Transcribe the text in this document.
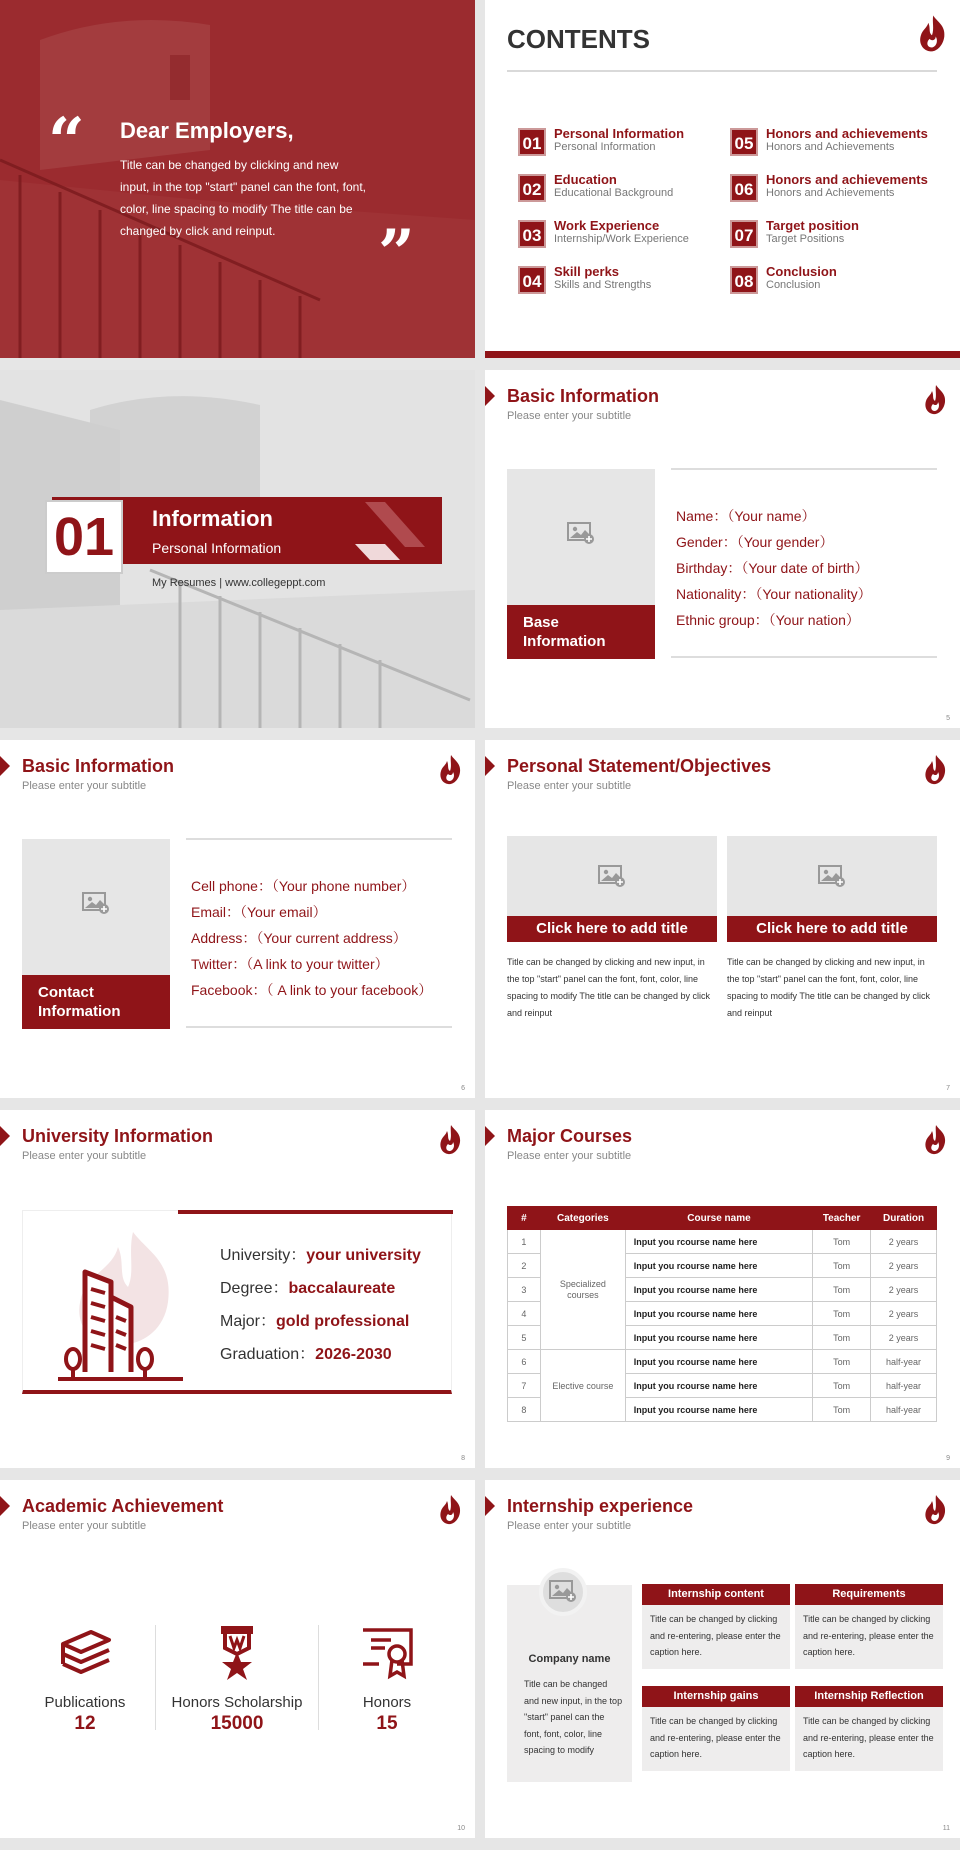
“ Dear Employers,
Title can be changed by clicking and new input, in the top "start" panel can the font, font, color, line spacing to modify The title can be changed by click and reinput.	”
CONTENTS
01
Personal Information
Personal Information
02
Education
Educational Background
03
Work Experience
Internship/Work Experience
04
Skill perks
Skills and Strengths
05
Honors and achievements
Honors and Achievements
06
Honors and achievements
Honors and Achievements
07
Target position
Target Positions
08
Conclusion
Conclusion
01	Information
Personal Information
My Resumes | www.collegeppt.com
Basic Information
Please enter your subtitle
Base Information
Name：（Your name）
Gender：（Your gender）
Birthday：（Your date of birth）
Nationality：（Your nationality）
Ethnic group：（Your nation）
5
Basic Information
Please enter your subtitle
Contact Information
Cell phone：（Your phone number）
Email：（Your email）
Address：（Your current address）
Twitter：（A link to your twitter）
Facebook：（ A link to your facebook）
6
Personal Statement/Objectives
Please enter your subtitle
Click here to add title
Title can be changed by clicking and new input, in the top "start" panel can the font, font, color, line spacing to modify The title can be changed by click and reinput
Click here to add title
Title can be changed by clicking and new input, in the top "start" panel can the font, font, color, line spacing to modify The title can be changed by click and reinput
7
University Information
Please enter your subtitle
University：your university
Degree：baccalaureate
Major：gold professional
Graduation：2026-2030
8
Major Courses
Please enter your subtitle
#	Categories	Course name	Teacher	Duration
1	Specialized courses	Input you rcourse name here	Tom	2 years
2		Input you rcourse name here	Tom	2 years
3		Input you rcourse name here	Tom	2 years
4		Input you rcourse name here	Tom	2 years
5		Input you rcourse name here	Tom	2 years
6	Elective course	Input you rcourse name here	Tom	half-year
7		Input you rcourse name here	Tom	half-year
8		Input you rcourse name here	Tom	half-year
9
Academic Achievement
Please enter your subtitle
Publications
12
Honors Scholarship
15000
Honors
15
10
Internship experience
Please enter your subtitle
Company name
Title can be changed and new input, in the top "start" panel can the font, font, color, line spacing to modify
Internship content
Title can be changed by clicking and re-entering, please enter the caption here.
Requirements
Title can be changed by clicking and re-entering, please enter the caption here.
Internship gains
Title can be changed by clicking and re-entering, please enter the caption here.
Internship Reflection
Title can be changed by clicking and re-entering, please enter the caption here.
11
